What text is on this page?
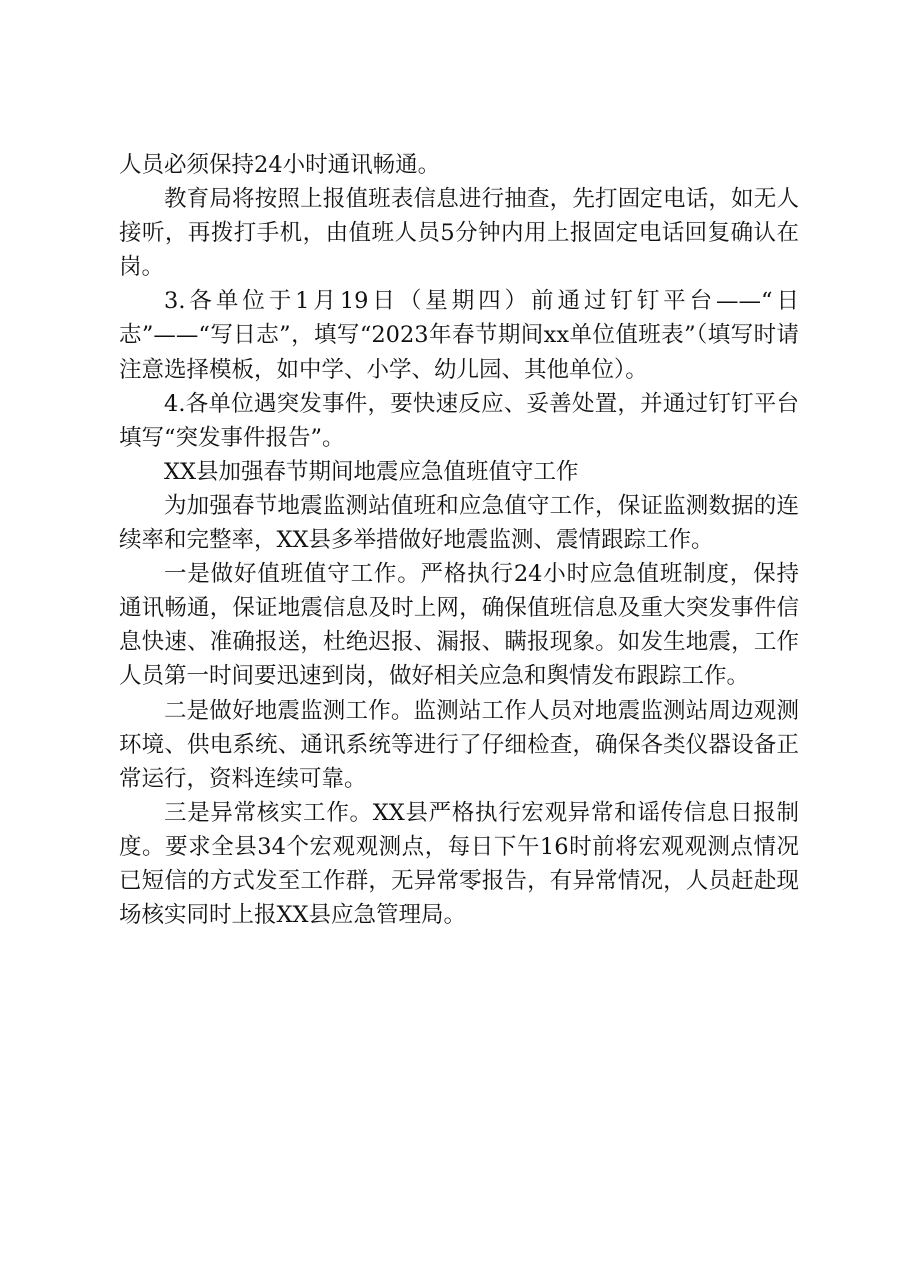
人员必须保持24小时通讯畅通。

教育局将按照上报值班表信息进行抽查，先打固定电话，如无人接听，再拨打手机，由值班人员5分钟内用上报固定电话回复确认在岗。

3.各单位于1月19日（星期四）前通过钉钉平台——“日志”——“写日志”，填写“2023年春节期间xx单位值班表”（填写时请注意选择模板，如中学、小学、幼儿园、其他单位）。

4.各单位遇突发事件，要快速反应、妥善处置，并通过钉钉平台填写“突发事件报告”。

XX县加强春节期间地震应急值班值守工作

为加强春节地震监测站值班和应急值守工作，保证监测数据的连续率和完整率，XX县多举措做好地震监测、震情跟踪工作。

一是做好值班值守工作。严格执行24小时应急值班制度，保持通讯畅通，保证地震信息及时上网，确保值班信息及重大突发事件信息快速、准确报送，杜绝迟报、漏报、瞒报现象。如发生地震，工作人员第一时间要迅速到岗，做好相关应急和舆情发布跟踪工作。

二是做好地震监测工作。监测站工作人员对地震监测站周边观测环境、供电系统、通讯系统等进行了仔细检查，确保各类仪器设备正常运行，资料连续可靠。

三是异常核实工作。XX县严格执行宏观异常和谣传信息日报制度。要求全县34个宏观观测点，每日下午16时前将宏观观测点情况已短信的方式发至工作群，无异常零报告，有异常情况，人员赶赴现场核实同时上报XX县应急管理局。
